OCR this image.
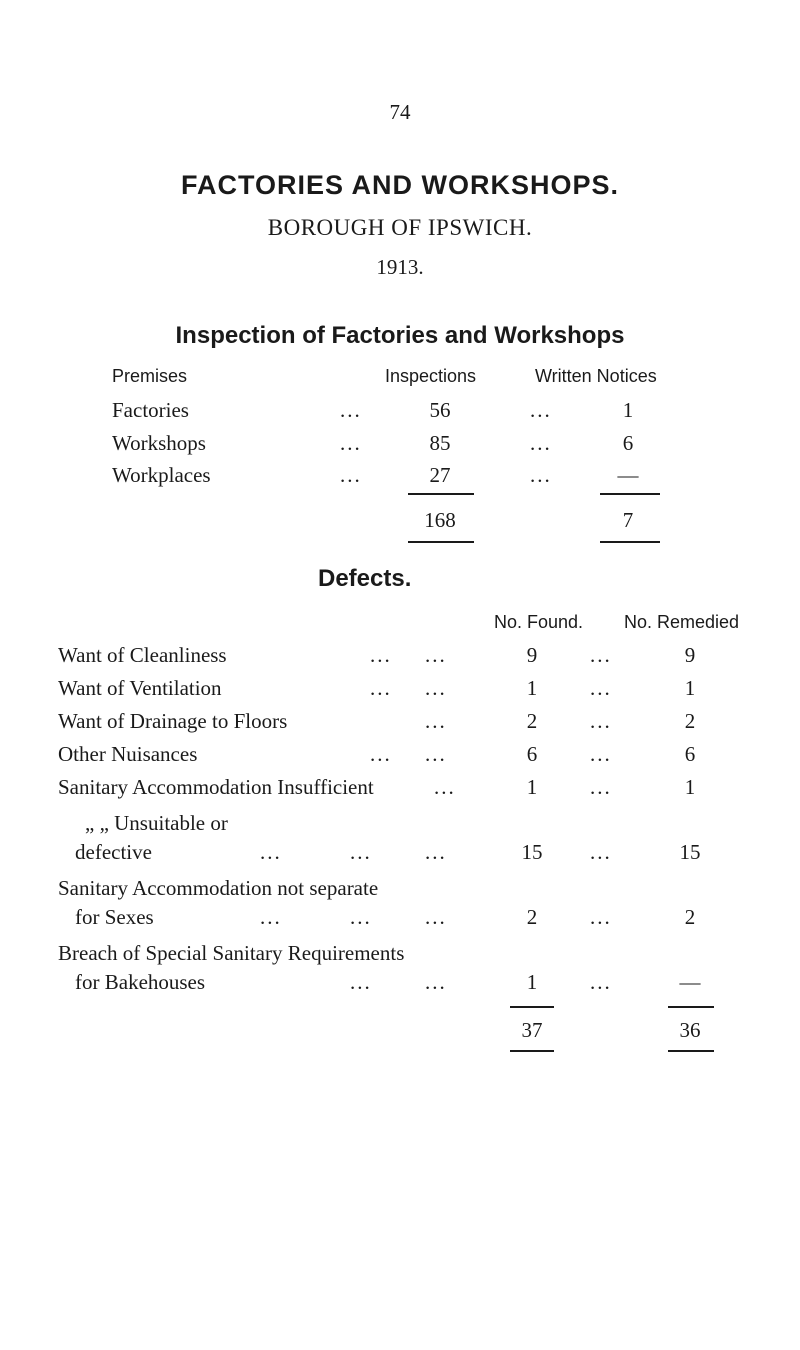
74
FACTORIES AND WORKSHOPS.
BOROUGH OF IPSWICH.
1913.
Inspection of Factories and Workshops
Premises	Inspections	Written Notices
Factories	...	56	...	1
Workshops	...	85	...	6
Workplaces	...	27	...	—
168	7
Defects.
No. Found. No. Remedied
Want of Cleanliness	... ...	9	...	9
Want of Ventilation	... ...	1	...	1
Want of Drainage to Floors	...	2	...	2
Other Nuisances	... ...	6	...	6
Sanitary Accommodation Insufficient	...	1	...	1
„ „ Unsuitable or
defective	...	...	...	15	...	15
Sanitary Accommodation not separate
for Sexes	...	...	...	2	...	2
Breach of Special Sanitary Requirements
for Bakehouses	...	...	1	...	—
37	36
